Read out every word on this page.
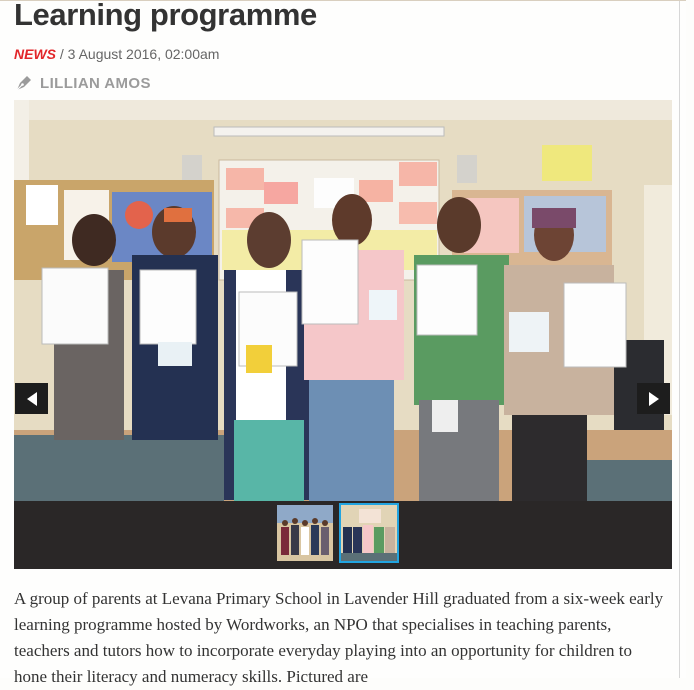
Learning programme
NEWS / 3 August 2016, 02:00am
LILLIAN AMOS

A group of parents at Levana Primary School in Lavender Hill graduated from a six-week early learning programme hosted by Wordworks, an NPO that specialises in teaching parents, teachers and tutors how to incorporate everyday playing into an opportunity for children to hone their literacy and numeracy skills. Pictured are
